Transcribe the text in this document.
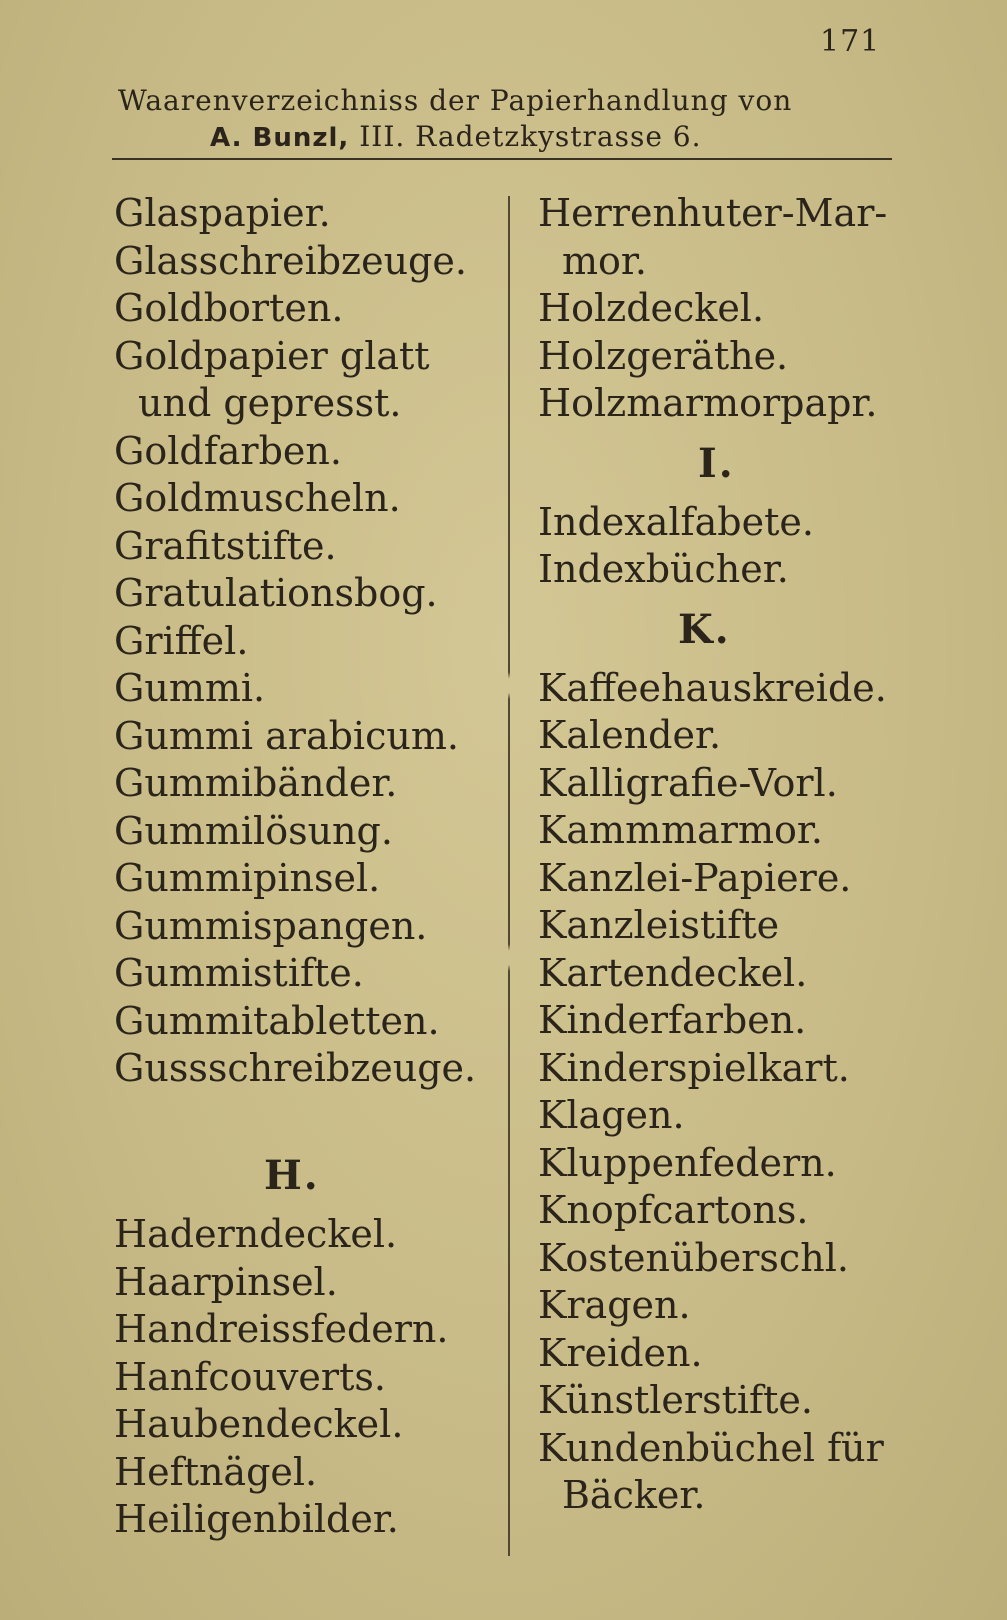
171
Waarenverzeichniss der Papierhandlung von
A. Bunzl, III. Radetzkystrasse 6.
Glaspapier.
Glasschreibzeuge.
Goldborten.
Goldpapier glatt
und gepresst.
Goldfarben.
Goldmuscheln.
Grafitstifte.
Gratulationsbog.
Griffel.
Gummi.
Gummi arabicum.
Gummibänder.
Gummilösung.
Gummipinsel.
Gummispangen.
Gummistifte.
Gummitabletten.
Gussschreibzeuge.
H.
Haderndeckel.
Haarpinsel.
Handreissfedern.
Hanfcouverts.
Haubendeckel.
Heftnägel.
Heiligenbilder.
Herrenhuter-Mar-
mor.
Holzdeckel.
Holzgeräthe.
Holzmarmorpapr.
I.
Indexalfabete.
Indexbücher.
K.
Kaffeehauskreide.
Kalender.
Kalligrafie-Vorl.
Kammmarmor.
Kanzlei-Papiere.
Kanzleistifte
Kartendeckel.
Kinderfarben.
Kinderspielkart.
Klagen.
Kluppenfedern.
Knopfcartons.
Kostenüberschl.
Kragen.
Kreiden.
Künstlerstifte.
Kundenbüchel für
Bäcker.
